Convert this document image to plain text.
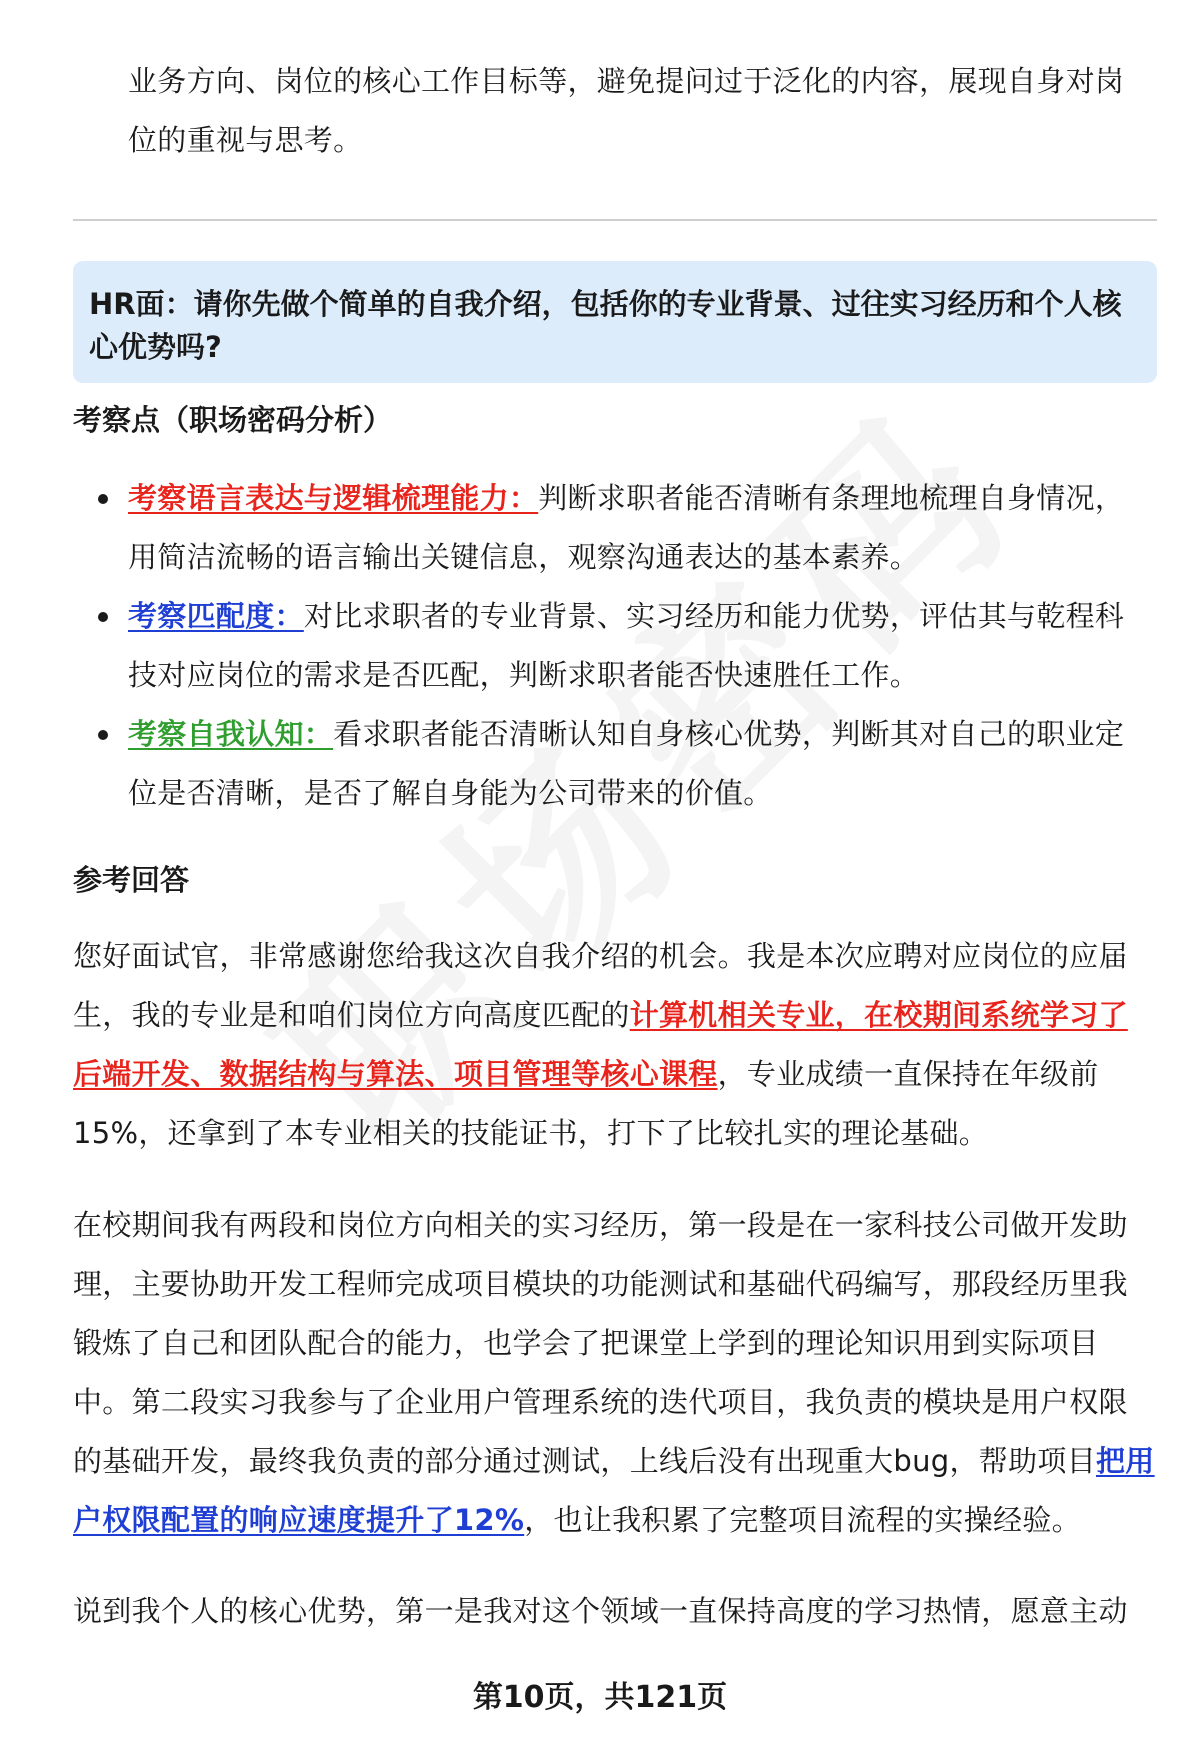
业务方向、岗位的核心工作目标等，避免提问过于泛化的内容，展现自身对岗位的重视与思考。
HR面：请你先做个简单的自我介绍，包括你的专业背景、过往实习经历和个人核心优势吗?
考察点（职场密码分析）
考察语言表达与逻辑梳理能力：判断求职者能否清晰有条理地梳理自身情况，用简洁流畅的语言输出关键信息，观察沟通表达的基本素养。
考察匹配度：对比求职者的专业背景、实习经历和能力优势，评估其与乾程科技对应岗位的需求是否匹配，判断求职者能否快速胜任工作。
考察自我认知：看求职者能否清晰认知自身核心优势，判断其对自己的职业定位是否清晰，是否了解自身能为公司带来的价值。
参考回答
您好面试官，非常感谢您给我这次自我介绍的机会。我是本次应聘对应岗位的应届生，我的专业是和咱们岗位方向高度匹配的计算机相关专业，在校期间系统学习了后端开发、数据结构与算法、项目管理等核心课程，专业成绩一直保持在年级前15%，还拿到了本专业相关的技能证书，打下了比较扎实的理论基础。
在校期间我有两段和岗位方向相关的实习经历，第一段是在一家科技公司做开发助理，主要协助开发工程师完成项目模块的功能测试和基础代码编写，那段经历里我锻炼了自己和团队配合的能力，也学会了把课堂上学到的理论知识用到实际项目中。第二段实习我参与了企业用户管理系统的迭代项目，我负责的模块是用户权限的基础开发，最终我负责的部分通过测试，上线后没有出现重大bug，帮助项目把用户权限配置的响应速度提升了12%，也让我积累了完整项目流程的实操经验。
说到我个人的核心优势，第一是我对这个领域一直保持高度的学习热情，愿意主动
第10页，共121页
